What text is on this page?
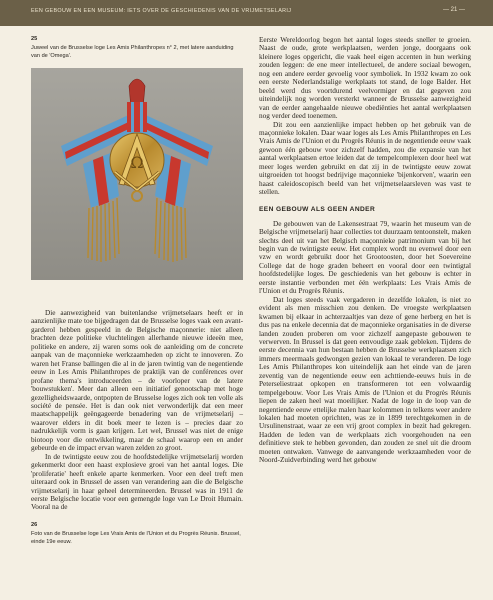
EEN GEBOUW EN EEN MUSEUM: IETS OVER DE GESCHIEDENIS VAN DE VRIJMETSELARIJ	— 21 —

25

Juweel van de Brusselse loge Les Amis Philanthropes n° 2, met latere aanduiding van de 'Omega'.

Ω

Die aanwezigheid van buitenlandse vrijmetselaars heeft er in aanzienlijke mate toe bijgedragen dat de Brusselse loges vaak een avant-garderol hebben gespeeld in de Belgische maçonnerie: niet alleen brachten deze politieke vluchtelingen allerhande nieuwe ideeën mee, politieke en andere, zij waren soms ook de aanleiding om de concrete aanpak van de maçonnieke werkzaamheden op zicht te innoveren. Zo waren het Franse ballingen die al in de jaren twintig van de negentiende eeuw in Les Amis Philanthropes de praktijk van de conférences over profane thema's introduceerden – de voorloper van de latere 'bouwstukken'. Meer dan alleen een initiatief genootschap met hoge gezelligheidswaarde, ontpopten de Brusselse loges zich ook ten volle als société de pensée. Het is dan ook niet verwonderlijk dat een meer maatschappelijk geëngageerde benadering van de vrijmetselarij – waarover elders in dit boek meer te lezen is – precies daar zo nadrukkelijk vorm is gaan krijgen. Let wel, Brussel was niet de enige biotoop voor die ontwikkeling, maar de schaal waarop een en ander gebeurde en de impact ervan waren zelden zo groot.

In de twintigste eeuw zou de hoofdstedelijke vrijmetselarij worden gekenmerkt door een haast explosieve groei van het aantal loges. Die 'proliferatie' heeft enkele aparte kenmerken. Voor een deel treft men uiteraard ook in Brussel de assen van verandering aan die de Belgische vrijmetselarij in haar geheel determineerden. Brussel was in 1911 de eerste Belgische locatie voor een gemengde loge van Le Droit Humain. Vooral na de

26

Foto van de Brusselse loge Les Vrais Amis de l'Union et du Progrès Réunis. Brussel, einde 19e eeuw.

Eerste Wereldoorlog begon het aantal loges steeds sneller te groeien. Naast de oude, grote werkplaatsen, werden jonge, doorgaans ook kleinere loges opgericht, die vaak heel eigen accenten in hun werking zouden leggen: de ene meer intellectueel, de andere sociaal bewogen, nog een andere eerder gevoelig voor symboliek. In 1932 kwam zo ook een eerste Nederlandstalige werkplaats tot stand, de loge Balder. Het beeld werd dus voortdurend veelvormiger en dat gegeven zou uiteindelijk nog worden versterkt wanneer de Brusselse aanwezigheid van de eerder aangehaalde nieuwe obediënties het aantal werkplaatsen nog verder deed toenemen.

Dit zou een aanzienlijke impact hebben op het gebruik van de maçonnieke lokalen. Daar waar loges als Les Amis Philanthropes en Les Vrais Amis de l'Union et du Progrès Réunis in de negentiende eeuw vaak gewoon één gebouw voor zichzelf hadden, zou die expansie van het aantal werkplaatsen ertoe leiden dat de tempelcomplexen door heel wat meer loges werden gebruikt en dat zij in de twintigste eeuw zowat uitgroeiden tot hoogst bedrijvige maçonnieke 'bijenkorven', waarin een haast caleidoscopisch beeld van het vrijmetselaarsleven was vast te stellen.

EEN GEBOUW ALS GEEN ANDER

De gebouwen van de Lakensestraat 79, waarin het museum van de Belgische vrijmetselarij haar collecties tot duurzaam tentoonstelt, maken slechts deel uit van het Belgisch maçonnieke patrimonium van bij het begin van de twintigste eeuw. Het complex wordt nu evenwel door een vzw en wordt gebruikt door het Grootoosten, door het Soevereine College dat de hoge graden beheert en vooral door een twintigtal hoofdstedelijke loges. De geschiedenis van het gebouw is echter in eerste instantie verbonden met één werkplaats: Les Vrais Amis de l'Union et du Progrès Réunis.

Dat loges steeds vaak vergaderen in dezelfde lokalen, is niet zo evident als men misschien zou denken. De vroegste werkplaatsen kwamen bij elkaar in achterzaaltjes van deze of gene herberg en het is dus pas na enkele decennia dat de maçonnieke organisaties in de diverse landen zouden proberen om voor zichzelf aangepaste gebouwen te verwerven. In Brussel is dat geen eenvoudige zaak gebleken. Tijdens de eerste decennia van hun bestaan hebben de Brusselse werkplaatsen zich immers meermaals gedwongen gezien van lokaal te veranderen. De loge Les Amis Philanthropes kon uiteindelijk aan het einde van de jaren zeventig van de negentiende eeuw een achttiende-eeuws huis in de Peterseliestraat opkopen en transformeren tot een volwaardig tempelgebouw. Voor Les Vrais Amis de l'Union et du Progrès Réunis liepen de zaken heel wat moeilijker. Nadat de loge in de loop van de negentiende eeuw ettelijke malen haar kolommen in telkens weer andere lokalen had moeten oprichten, was ze in 1899 terechtgekomen in de Ursulinenstraat, waar ze een vrij groot complex in bezit had gekregen. Hadden de leden van de werkplaats zich voorgehouden na een definitieve stek te hebben gevonden, dan zouden ze snel uit die droom moeten ontwaken. Vanwege de aanvangende werkzaamheden voor de Noord-Zuidverbinding werd het gebouw
